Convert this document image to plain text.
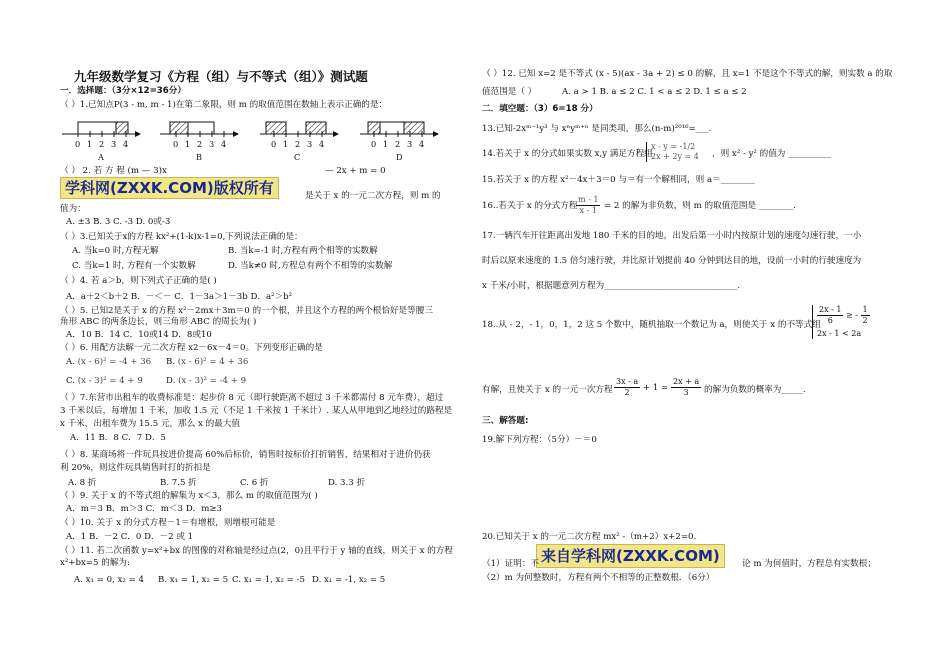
九年级数学复习《方程（组）与不等式（组）》测试题
一．选择题：（3分×12=36分）
（ ）1.已知点P(3 - m, m - 1)在第二象限，则 m 的取值范围在数轴上表示正确的是：
0 1 2 3 4	0 1 2 3 4	0 1 2 3 4	0 1 2 3 4
A	B	C	D
（ ） 2. 若 方 程 (m — 3)x	— 2x + m = 0
学科网(ZXXK.COM)版权所有	是关于 x 的一元二次方程，则 m 的
值为：
A. ±3 B. 3 C. -3 D. 0或-3
（ ）3.已知关于x的方程 kx²+(1-k)x-1=0,下列说法正确的是：
A. 当k=0 时,方程无解	B. 当k=-1 时,方程有两个相等的实数解
C. 当k=1 时, 方程有一个实数解	D. 当k≠0 时,方程总有两个不相等的实数解
（ ）4. 若 a＞b，则下列式子正确的是( )
A．a＋2＜b＋2 B．－＜－ C．1－3a＞1－3b D．a²＞b²
（ ）5. 已知2是关于 x 的方程 x²－2mx＋3m＝0 的一个根，并且这个方程的两个根恰好是等腰三
角形 ABC 的两条边长，则三角形 ABC 的周长为( )
A．10 B．14 C．10或14 D．8或10
（ ）6. 用配方法解一元二次方程 x2－6x－4＝0。下列变形正确的是
A. (x - 6)² = -4 + 36 B. (x - 6)² = 4 + 36
C. (x - 3)² = 4 + 9	D. (x - 3)² = -4 + 9
（ ）7.东营市出租车的收费标准是：起步价 8 元（即行驶距离不超过 3 千米都需付 8 元车费），超过
3 千米以后，每增加 1 千米，加收 1.5 元（不足 1 千米按 1 千米计）. 某人从甲地到乙地经过的路程是
x 千米，出租车费为 15.5 元，那么 x 的最大值
A．11 B．8 C．7 D．5
（ ）8. 某商场将一件玩具按进价提高 60%后标价，销售时按标价打折销售，结果相对于进价仍获
利 20%，则这件玩具销售时打的折扣是
A. 8 折	B. 7.5 折	C. 6 折	D. 3.3 折
（ ）9. 关于 x 的不等式组的解集为 x＜3，那么 m 的取值范围为( )
A．m＝3 B．m＞3 C．m＜3 D．m≥3
（ ）10. 关于 x 的分式方程－1＝有增根，则增根可能是
A．1 B．－2 C．0 D．－2 或 1
（ ）11. 若二次函数 y=x²+bx 的图像的对称轴是经过点(2，0)且平行于 y 轴的直线，则关于 x 的方程
x²+bx=5 的解为:
A. x₁ = 0, x₂ = 4 B. x₁ = 1, x₂ = 5 C. x₁ = 1, x₂ = -5 D. x₁ = -1, x₂ = 5
（ ）12. 已知 x=2 是不等式 (x - 5)(ax - 3a + 2) ≤ 0 的解，且 x=1 不是这个不等式的解，则实数 a 的取
值范围是（ ）	A. a > 1 B. a ≤ 2 C. 1 < a ≤ 2 D. 1 ≤ a ≤ 2
二．填空题：（3）6=18 分）
13.已知-2xᵐ⁻¹y³ 与 xⁿyᵐ⁺ⁿ 是同类项，那么(n-m)²⁰¹⁶=___.
14.若关于 x 的分式如果实数 x,y 满足方程组
x - y = -1/2
2x + 2y = 4 ，则 x² - y² 的值为 __________
15.若关于 x 的方程 x²－4x＋3＝0 与＝有一个解相同，则 a＝________
16..若关于 x 的分式方程
$\frac{m - 1}{x - 1} = 2$ 的解为非负数，则 m 的取值范围是 ________.
17.一辆汽车开往距离出发地 180 千米的目的地，出发后第一小时内按原计划的速度匀速行驶，一小
时后以原来速度的 1.5 倍匀速行驶，并比原计划提前 40 分钟到达目的地，设前一小时的行驶速度为
x 千米/小时，根据题意列方程为_______________________________.
18..从 - 2，- 1，0，1，2 这 5 个数中，随机抽取一个数记为 a，则使关于 x 的不等式组
$\frac{2x - 1}{6}$ ≥ - $\frac{1}{2}$
2x - 1 < 2a
有解，且使关于 x 的一元一次方程 $\frac{3x - a}{2} + 1 = \frac{2x + a}{3}$ 的解为负数的概率为_____.
三、解答题:
19.解下列方程：（5分）－＝0
20.已知关于 x 的一元二次方程 mx² -（m+2）x+2=0.
来自学科网(ZXXK.COM)
（1）证明：不	论 m 为何值时，方程总有实数根；
（2）m 为何整数时，方程有两个不相等的正整数根．（6分）
